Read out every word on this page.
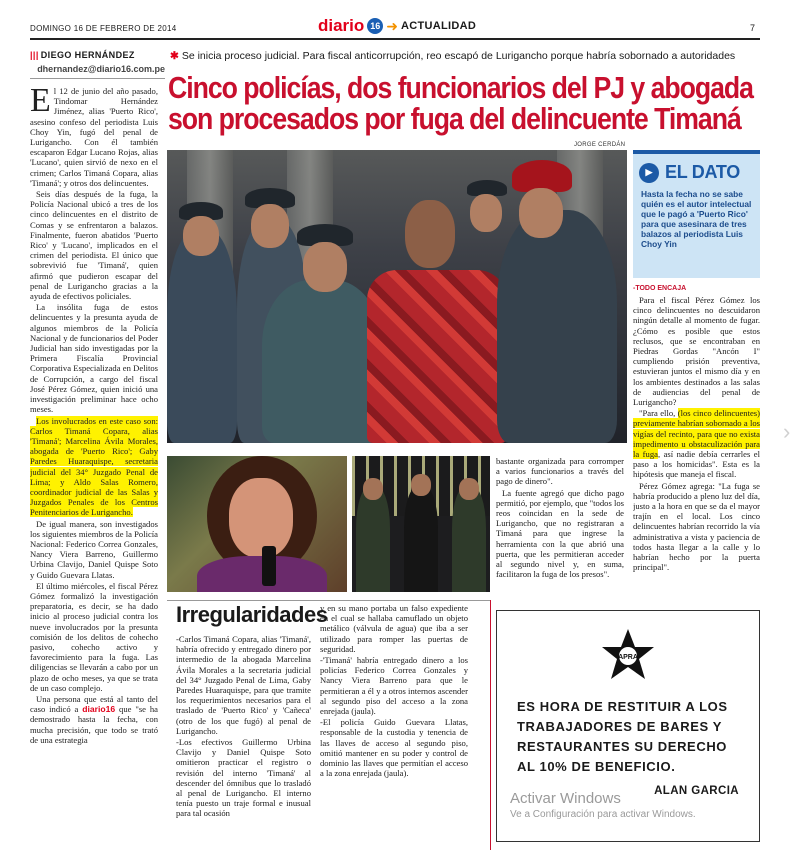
DOMINGO 16 DE FEBRERO DE 2014	diario 16 ➜ ACTUALIDAD	7
||| DIEGO HERNÁNDEZ
dhernandez@diario16.com.pe

El 12 de junio del año pasado, Tindomar Hernández Jiménez, alias 'Puerto Rico', asesino confeso del periodista Luis Choy Yin, fugó del penal de Lurigancho. Con él también escaparon Edgar Lucano Rojas, alias 'Lucano', quien sirvió de nexo en el crimen; Carlos Timaná Copara, alias 'Timaná'; y otros dos delincuentes.

Seis días después de la fuga, la Policía Nacional ubicó a tres de los cinco delincuentes en el distrito de Comas y se enfrentaron a balazos. Finalmente, fueron abatidos 'Puerto Rico' y 'Lucano', implicados en el crimen del periodista. El único que sobrevivió fue 'Timaná', quien afirmó que pudieron escapar del penal de Lurigancho gracias a la ayuda de efectivos policiales.

La insólita fuga de estos delincuentes y la presunta ayuda de algunos miembros de la Policía Nacional y de funcionarios del Poder Judicial han sido investigadas por la Primera Fiscalía Provincial Corporativa Especializada en Delitos de Corrupción, a cargo del fiscal José Pérez Gómez, quien inició una investigación preliminar hace ocho meses.

Los involucrados en este caso son: Carlos Timaná Copara, alias 'Timaná'; Marcelina Ávila Morales, abogada de 'Puerto Rico'; Gaby Paredes Huaraquispe, secretaria judicial del 34° Juzgado Penal de Lima; y Aldo Salas Romero, coordinador judicial de las Salas y Juzgados Penales de los Centros Penitenciarios de Lurigancho.

De igual manera, son investigados los siguientes miembros de la Policía Nacional: Federico Correa Gonzales, Nancy Viera Barreno, Guillermo Urbina Clavijo, Daniel Quispe Soto y Guido Guevara Llatas.

El último miércoles, el fiscal Pérez Gómez formalizó la investigación preparatoria, es decir, se ha dado inicio al proceso judicial contra los nueve involucrados por la presunta comisión de los delitos de cohecho pasivo, cohecho activo y favorecimiento para la fuga. Las diligencias se llevarán a cabo por un plazo de ocho meses, ya que se trata de un caso complejo.

Una persona que está al tanto del caso indicó a diario16 que "se ha demostrado hasta la fecha, con mucha precisión, que todo se trató de una estrategia

✱ Se inicia proceso judicial. Para fiscal anticorrupción, reo escapó de Lurigancho porque habría sobornado a autoridades
Cinco policías, dos funcionarios del PJ y abogada
son procesados por fuga del delincuente Timaná
JORGE CERDÁN
▶ EL DATO
Hasta la fecha no se sabe quién es el autor intelectual que le pagó a 'Puerto Rico' para que asesinara de tres balazos al periodista Luis Choy Yin
-TODO ENCAJA

Para el fiscal Pérez Gómez los cinco delincuentes no descuidaron ningún detalle al momento de fugar. ¿Cómo es posible que estos reclusos, que se encontraban en Piedras Gordas "Ancón I" cumpliendo prisión preventiva, estuvieran juntos el mismo día y en los ambientes destinados a las salas de audiencias del penal de Lurigancho?

"Para ello, (los cinco delincuentes) previamente habrían sobornado a los vigías del recinto, para que no exista impedimento u obstaculización para la fuga, así nadie debía cerrarles el paso a los homicidas". Esta es la hipótesis que maneja el fiscal.

Pérez Gómez agrega: "La fuga se habría producido a pleno luz del día, justo a la hora en que se da el mayor trajín en el local. Los cinco delincuentes habrían recorrido la vía administrativa a vista y paciencia de todos hasta llegar a la calle y lo habrían hecho por la puerta principal".

bastante organizada para corromper a varios funcionarios a través del pago de dinero".

La fuente agregó que dicho pago permitió, por ejemplo, que "todos los reos coincidan en la sede de Lurigancho, que no registraran a Timaná para que ingrese la herramienta con la que abrió una puerta, que les permitieran acceder al segundo nivel y, en suma, facilitaron la fuga de los presos".

Irregularidades

-Carlos Timaná Copara, alias 'Timaná', habría ofrecido y entregado dinero por intermedio de la abogada Marcelina Ávila Morales a la secretaria judicial del 34° Juzgado Penal de Lima, Gaby Paredes Huaraquispe, para que tramite los requerimientos necesarios para el traslado de 'Puerto Rico' y 'Cañeca' (otro de los que fugó) al penal de Lurigancho.

-Los efectivos Guillermo Urbina Clavijo y Daniel Quispe Soto omitieron practicar el registro o revisión del interno 'Timaná' al descender del ómnibus que lo trasladó al penal de Lurigancho. El interno tenía puesto un traje formal e inusual para tal ocasión

y en su mano portaba un falso expediente en el cual se hallaba camuflado un objeto metálico (válvula de agua) que iba a ser utilizado para romper las puertas de seguridad.

-'Timaná' habría entregado dinero a los policías Federico Correa Gonzales y Nancy Viera Barreno para que le permitieran a él y a otros internos ascender al segundo piso del acceso a la zona enrejada (jaula).

-El policía Guido Guevara Llatas, responsable de la custodia y tenencia de las llaves de acceso al segundo piso, omitió mantener en su poder y control de dominio las llaves que permitían el acceso a la zona enrejada (jaula).

APRA
ES HORA DE RESTITUIR A LOS TRABAJADORES DE BARES Y RESTAURANTES SU DERECHO AL 10% DE BENEFICIO.
ALAN GARCIA
Activar Windows
Ve a Configuración para activar Windows.
›
